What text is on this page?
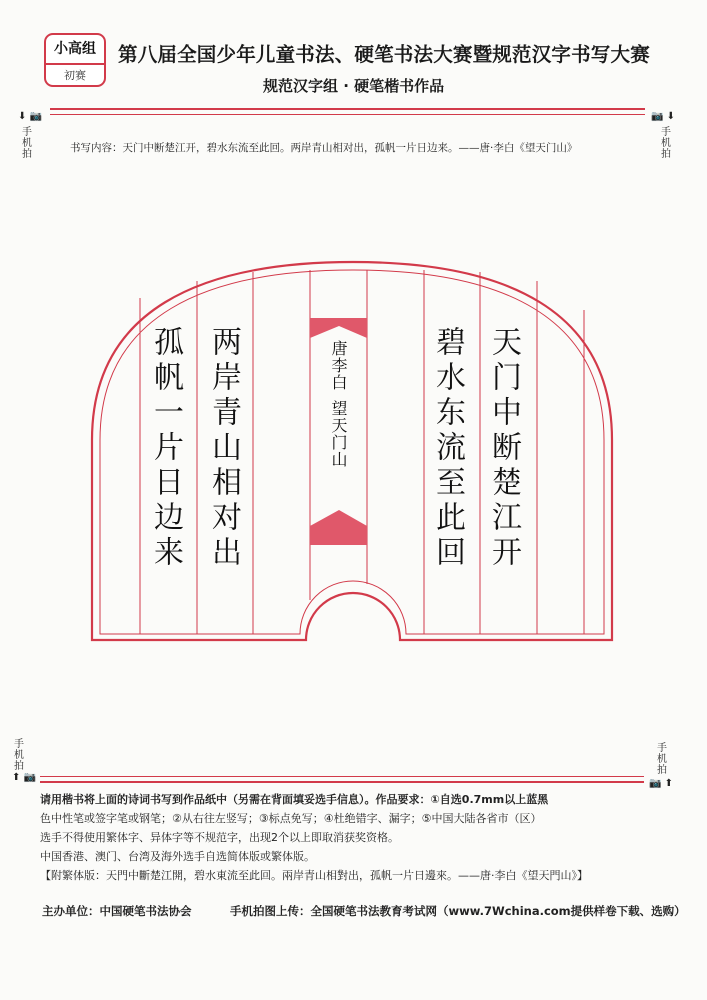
小高组
初赛
第八届全国少年儿童书法、硬笔书法大赛暨规范汉字书写大赛
规范汉字组 · 硬笔楷书作品
⬇ 📷
手机拍
📷 ⬇
手机拍
书写内容：天门中断楚江开，碧水东流至此回。两岸青山相对出，孤帆一片日边来。——唐·李白《望天门山》
天门中断楚江开
碧水东流至此回
两岸青山相对出
孤帆一片日边来	唐李白
望天门山
手机拍
⬆ 📷
手机拍
📷 ⬆
请用楷书将上面的诗词书写到作品纸中（另需在背面填妥选手信息）。作品要求：①自选0.7mm以上蓝黑
色中性笔或签字笔或钢笔；②从右往左竖写；③标点免写；④杜绝错字、漏字；⑤中国大陆各省市（区）
选手不得使用繁体字、异体字等不规范字，出现2个以上即取消获奖资格。
中国香港、澳门、台湾及海外选手自选简体版或繁体版。
【附繁体版：天門中斷楚江開，碧水東流至此回。兩岸青山相對出，孤帆一片日邊來。——唐·李白《望天門山》】
主办单位：中国硬笔书法协会	手机拍图上传：全国硬笔书法教育考试网（www.7Wchina.com提供样卷下载、选购）
